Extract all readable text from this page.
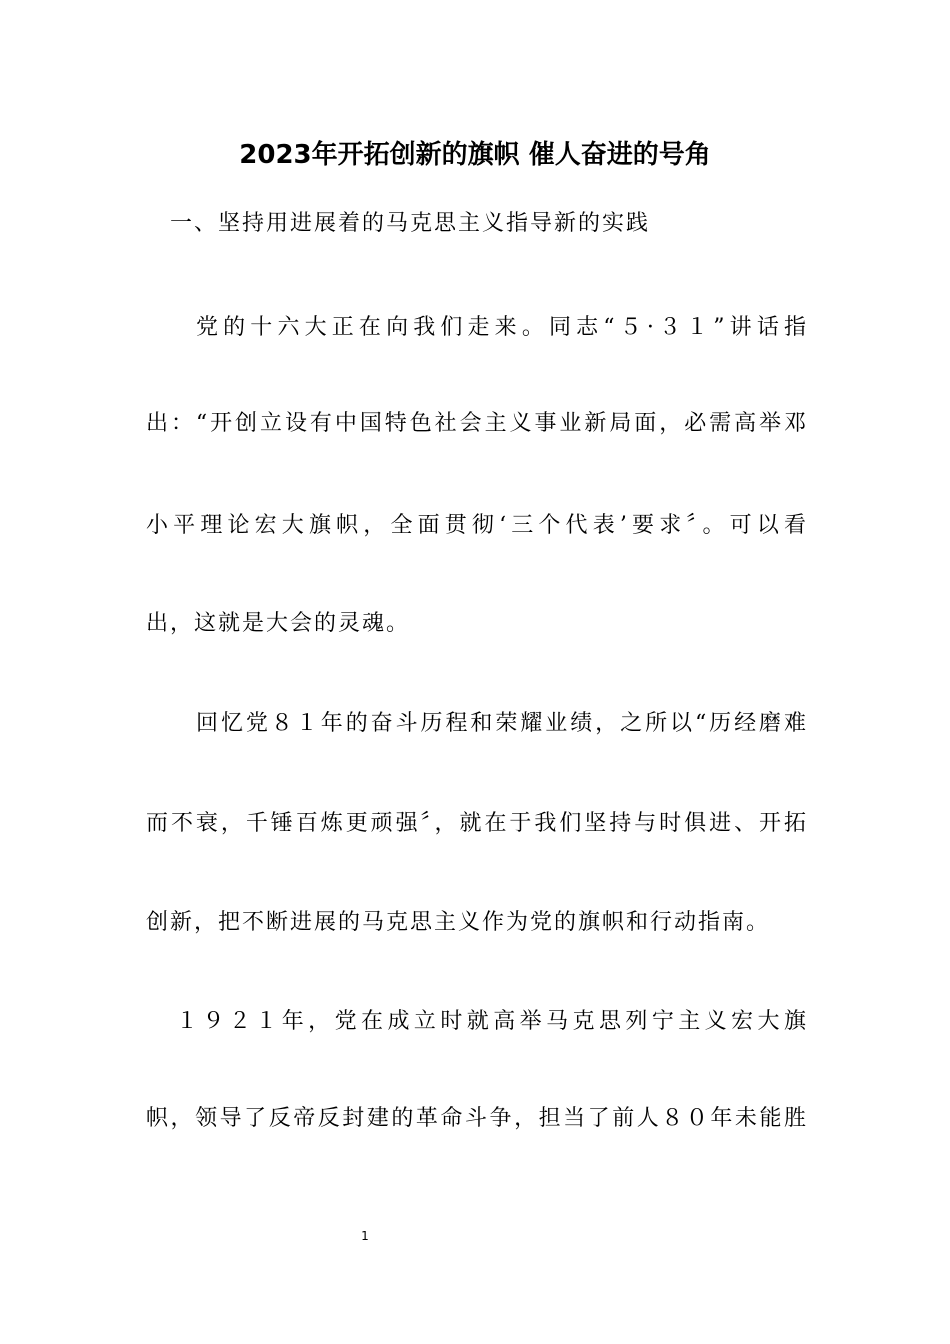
2023年开拓创新的旗帜 催人奋进的号角
一、坚持用进展着的马克思主义指导新的实践
党的十六大正在向我们走来。同志“５·３１”讲话指
出：“开创立设有中国特色社会主义事业新局面，必需高举邓
小平理论宏大旗帜，全面贯彻‘三个代表’要求〞。可以看
出，这就是大会的灵魂。
回忆党８１年的奋斗历程和荣耀业绩，之所以“历经磨难
而不衰，千锤百炼更顽强〞，就在于我们坚持与时俱进、开拓
创新，把不断进展的马克思主义作为党的旗帜和行动指南。
１９２１年，党在成立时就高举马克思列宁主义宏大旗
帜，领导了反帝反封建的革命斗争，担当了前人８０年未能胜
1
